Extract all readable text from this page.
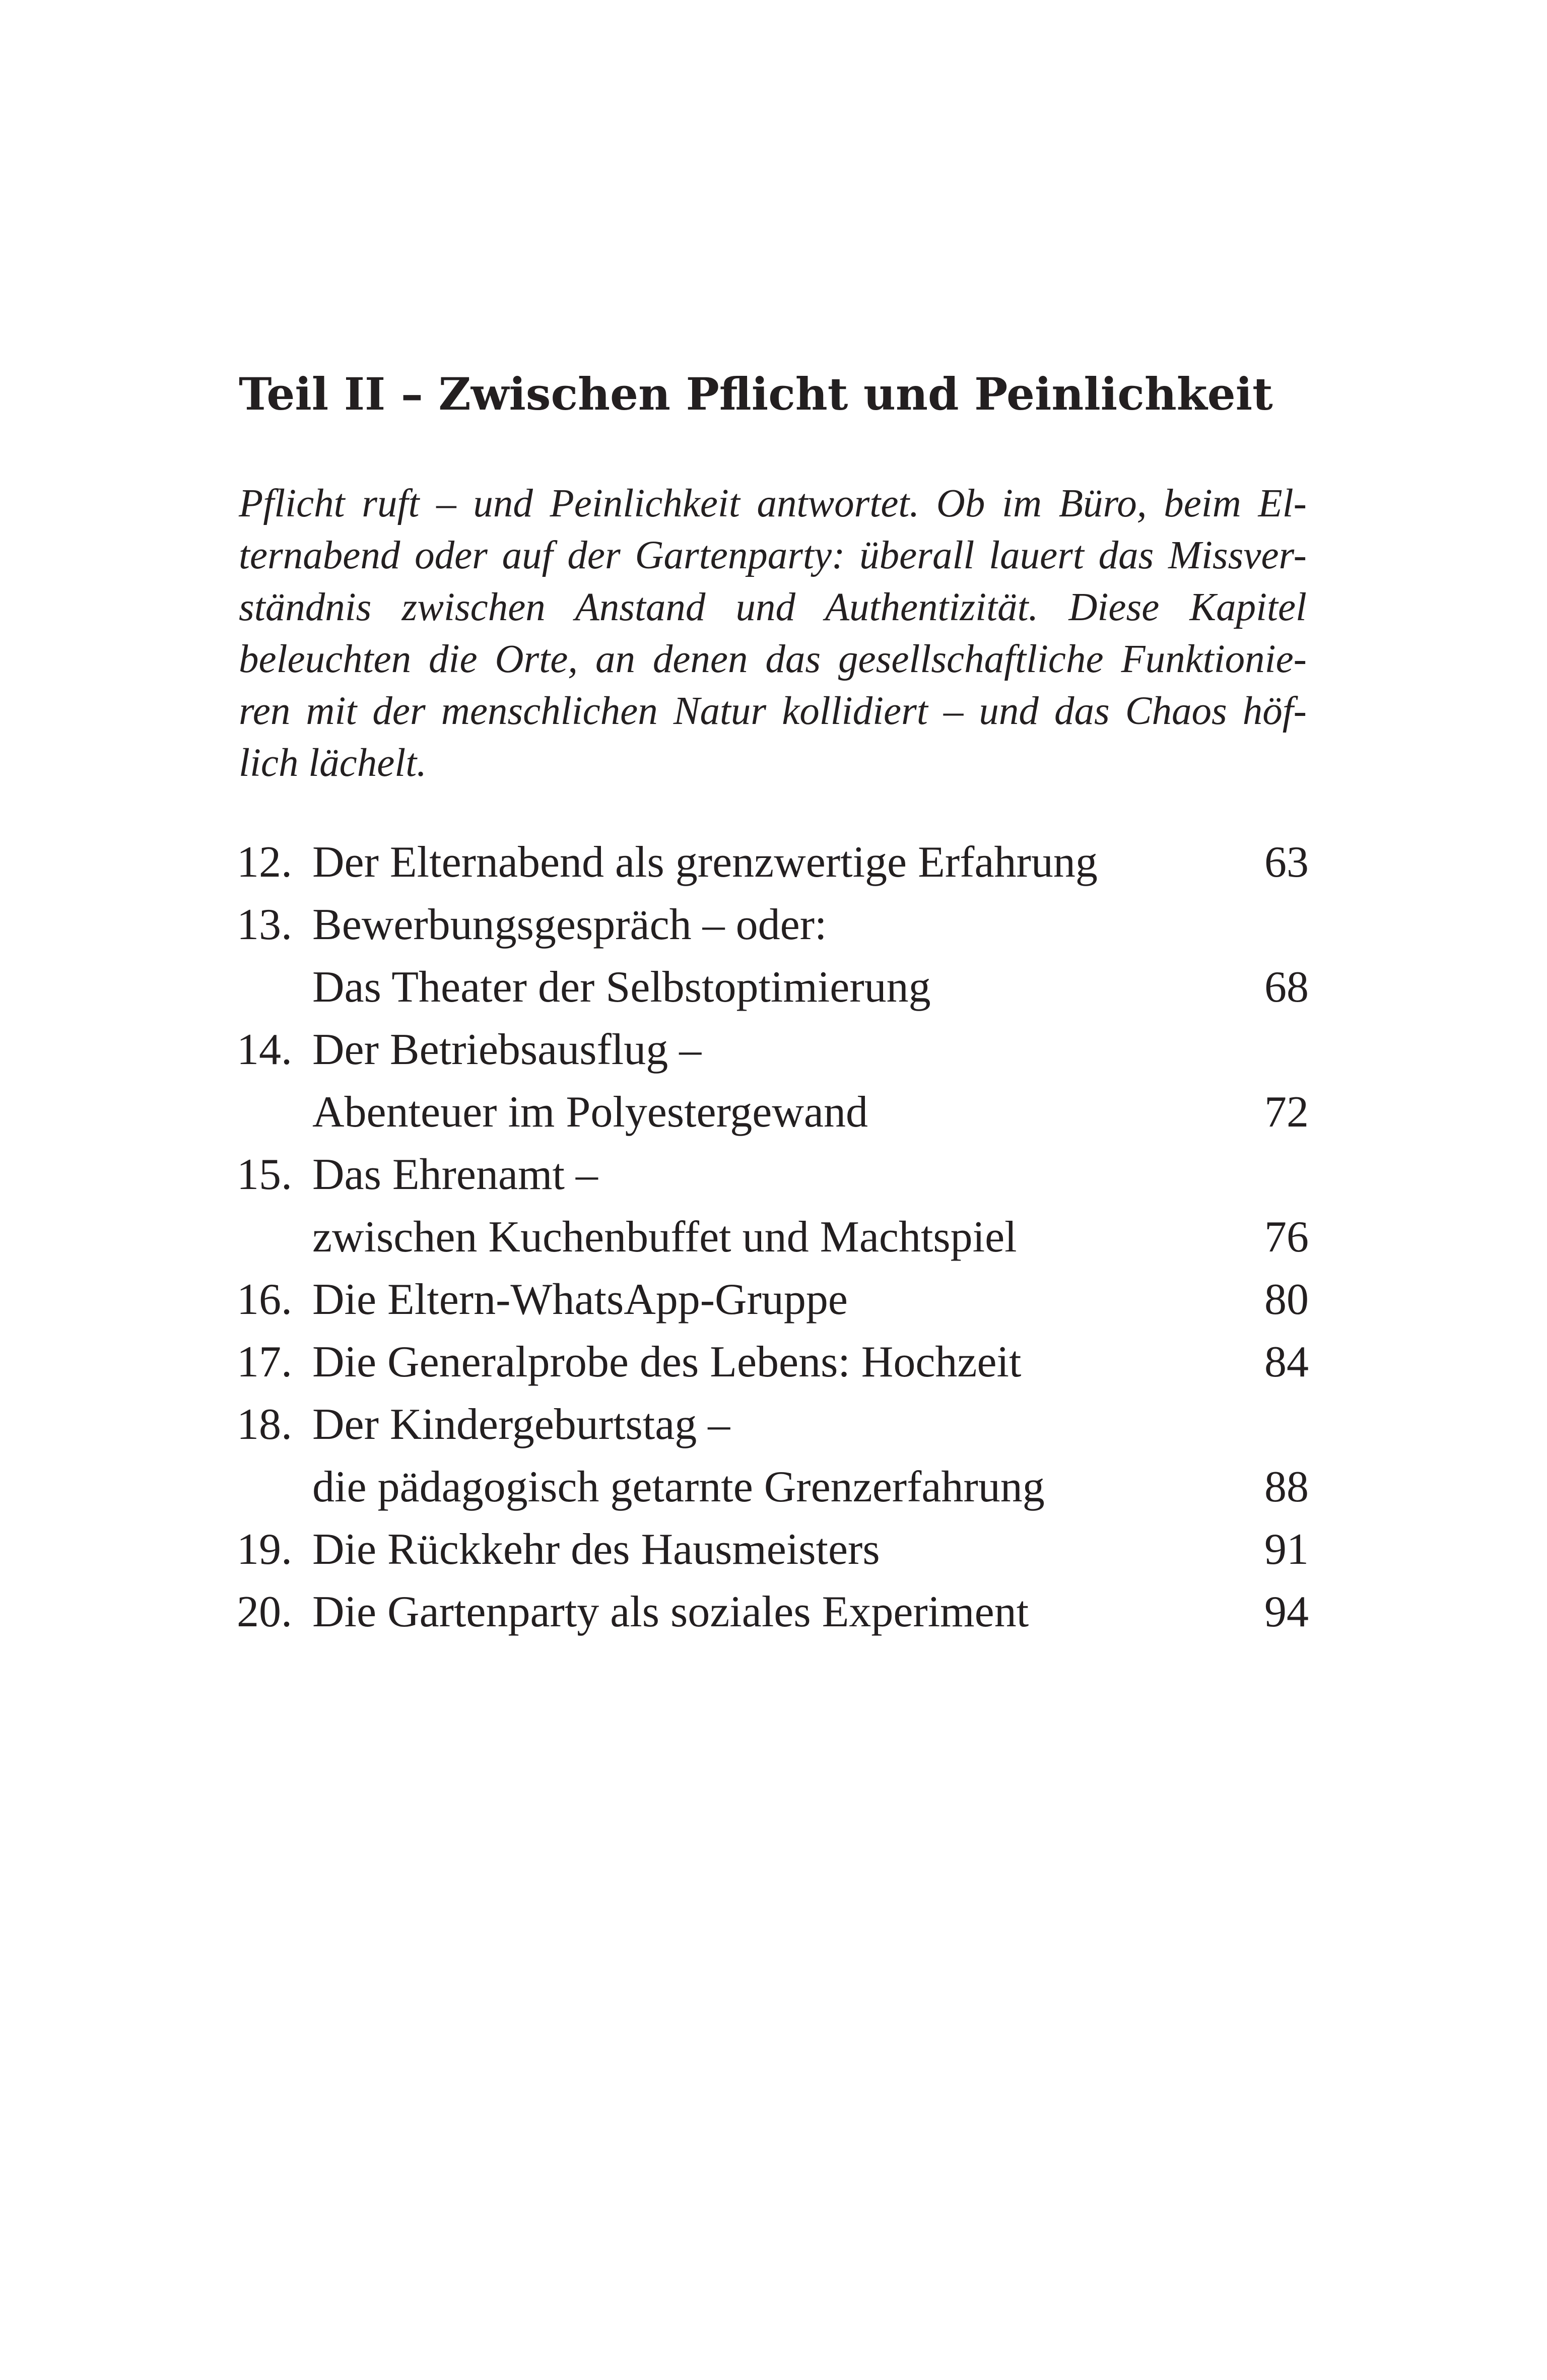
Teil II – Zwischen Pflicht und Peinlichkeit
Pflicht ruft – und Peinlichkeit antwortet. Ob im Büro, beim El-
ternabend oder auf der Gartenparty: überall lauert das Missver-
ständnis zwischen Anstand und Authentizität. Diese Kapitel
beleuchten die Orte, an denen das gesellschaftliche Funktionie-
ren mit der menschlichen Natur kollidiert – und das Chaos höf-
lich lächelt.
12. Der Elternabend als grenzwertige Erfahrung	63
13. Bewerbungsgespräch – oder:
Das Theater der Selbstoptimierung	68
14. Der Betriebsausflug –
Abenteuer im Polyestergewand	72
15. Das Ehrenamt –
zwischen Kuchenbuffet und Machtspiel	76
16. Die Eltern-WhatsApp-Gruppe	80
17. Die Generalprobe des Lebens: Hochzeit	84
18. Der Kindergeburtstag –
die pädagogisch getarnte Grenzerfahrung	88
19. Die Rückkehr des Hausmeisters	91
20. Die Gartenparty als soziales Experiment	94
